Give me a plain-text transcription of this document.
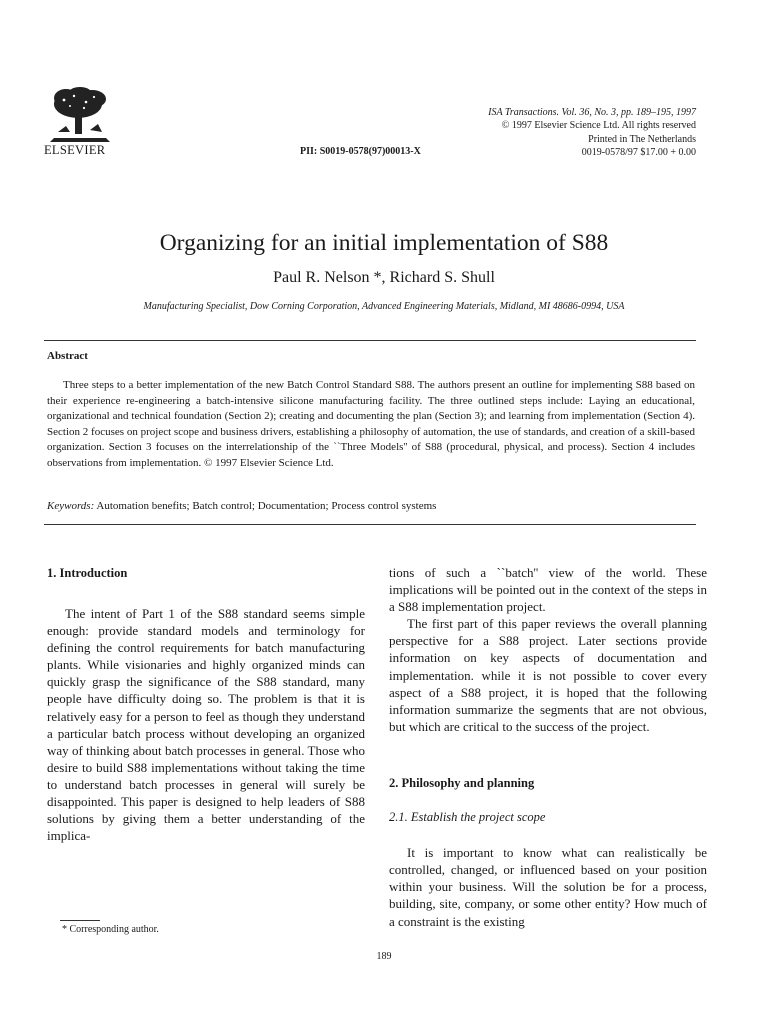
ELSEVIER	PII: S0019-0578(97)00013-X
ISA Transactions. Vol. 36, No. 3, pp. 189–195, 1997
© 1997 Elsevier Science Ltd. All rights reserved
Printed in The Netherlands
0019-0578/97 $17.00 + 0.00
Organizing for an initial implementation of S88
Paul R. Nelson *, Richard S. Shull
Manufacturing Specialist, Dow Corning Corporation, Advanced Engineering Materials, Midland, MI 48686-0994, USA
Abstract

Three steps to a better implementation of the new Batch Control Standard S88. The authors present an outline for implementing S88 based on their experience re-engineering a batch-intensive silicone manufacturing facility. The three outlined steps include: Laying an educational, organizational and technical foundation (Section 2); creating and documenting the plan (Section 3); and learning from implementation (Section 4). Section 2 focuses on project scope and business drivers, establishing a philosophy of automation, the use of standards, and creation of a skill-based organization. Section 3 focuses on the interrelationship of the ``Three Models'' of S88 (procedural, physical, and process). Section 4 includes observations from implementation. © 1997 Elsevier Science Ltd.

Keywords: Automation benefits; Batch control; Documentation; Process control systems
1. Introduction

The intent of Part 1 of the S88 standard seems simple enough: provide standard models and terminology for defining the control requirements for batch manufacturing plants. While visionaries and highly organized minds can quickly grasp the significance of the S88 standard, many people have difficulty doing so. The problem is that it is relatively easy for a person to feel as though they understand a particular batch process without developing an organized way of thinking about batch processes in general. Those who desire to build S88 implementations without taking the time to understand batch processes in general will surely be disappointed. This paper is designed to help leaders of S88 solutions by giving them a better understanding of the implica-

tions of such a ``batch'' view of the world. These implications will be pointed out in the context of the steps in a S88 implementation project.

The first part of this paper reviews the overall planning perspective for a S88 project. Later sections provide information on key aspects of documentation and implementation. while it is not possible to cover every aspect of a S88 project, it is hoped that the following information summarize the segments that are not obvious, but which are critical to the success of the project.

2. Philosophy and planning
2.1. Establish the project scope

It is important to know what can realistically be controlled, changed, or influenced based on your position within your business. Will the solution be for a process, building, site, company, or some other entity? How much of a constraint is the existing

* Corresponding author.
189
